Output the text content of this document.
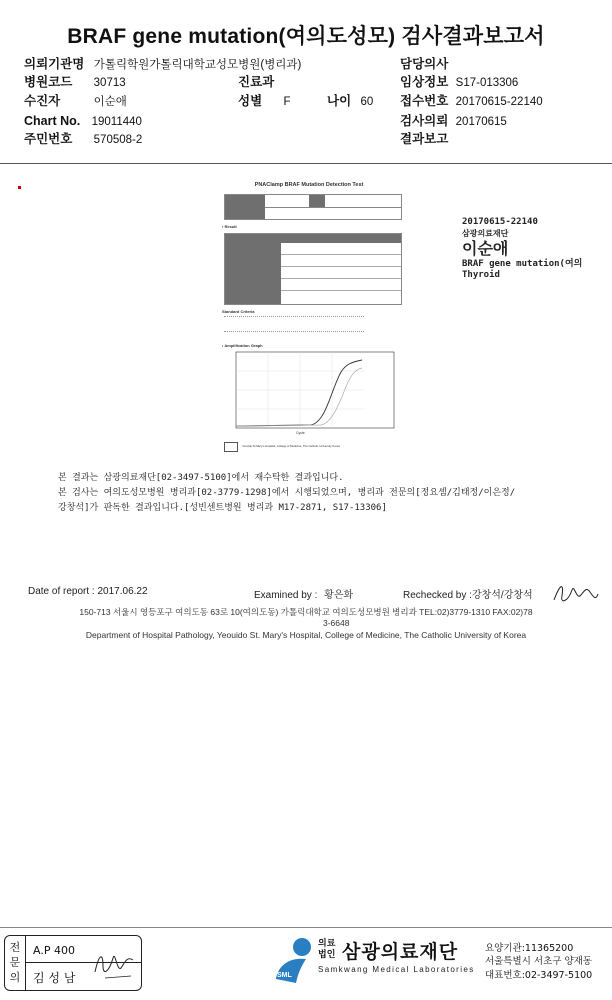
BRAF gene mutation(여의도성모) 검사결과보고서
의뢰기관명 가톨릭학원가톨릭대학교성모병원(병리과)	담당의사
병원코드 30713	진료과	임상정보 S17-013306
수진자	이순애	성별 F	나이 60 접수번호 20170615-22140
Chart No. 19011440	검사의뢰 20170615
주민번호 570508-2	결과보고
PNAClamp BRAF Mutation Detection Test
▪ Result
Standard Criteria
▪ Amplification Graph
Cycle
Yeouido St.Mary's Hospital, College of Medicine, The Catholic University Korea
20170615-22140
삼광의료재단
이순애
BRAF gene mutation(여의
Thyroid
본 결과는 삼광의료재단[02-3497-5100]에서 재수탁한 결과입니다.
본 검사는 여의도성모병원 병리과[02-3779-1298]에서 시행되었으며, 병리과 전문의[정요셈/김태정/이은정/
강창석]가 판독한 결과입니다.[성빈센트병원 병리과 M17-2871, S17-13306]
Date of report : 2017.06.22	Examined by : 황은화	Rechecked by :강창석/강창석
150-713 서울시 영등포구 여의도동 63로 10(여의도동) 가톨릭대학교 여의도성모병원 병리과 TEL:02)3779-1310 FAX:02)78
3-6648
Department of Hospital Pathology, Yeouido St. Mary's Hospital, College of Medicine, The Catholic University of Korea
전문의
A.P 400
김 성 남	SML
의료
법인 삼광의료재단
Samkwang Medical Laboratories
요양기관:11365200
서울특별시 서초구 양재동
대표번호:02-3497-5100
